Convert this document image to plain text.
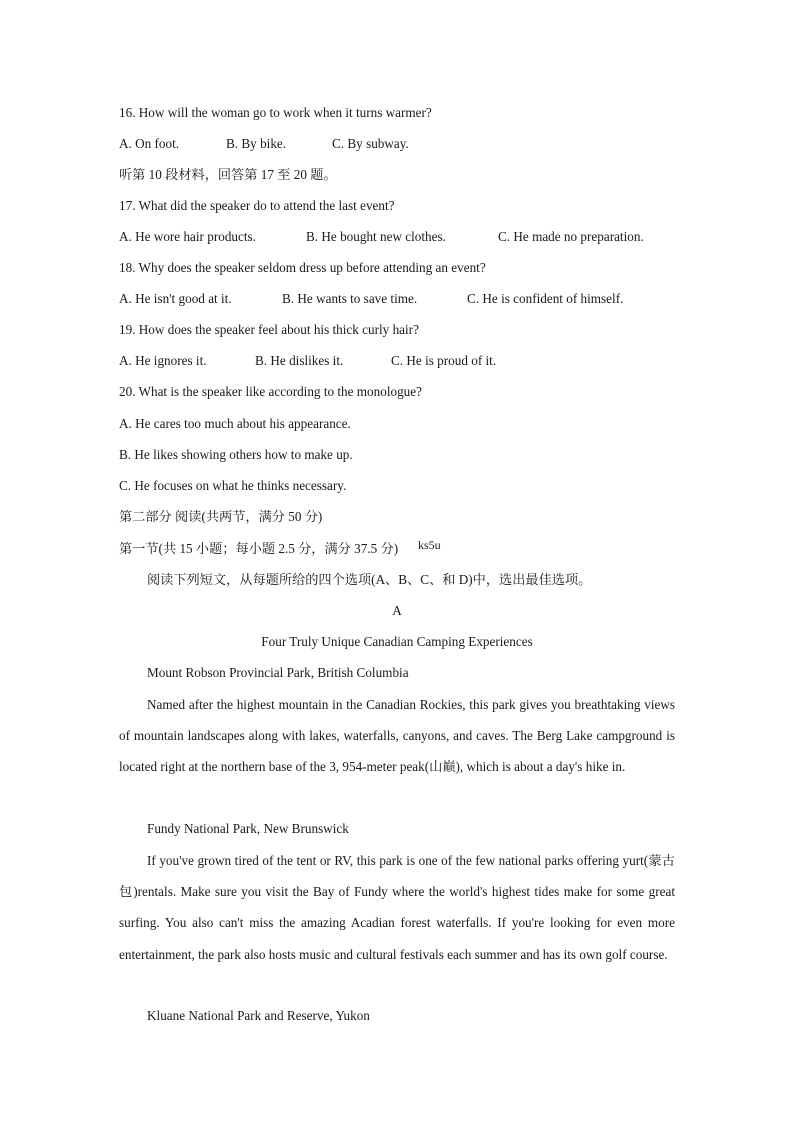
16. How will the woman go to work when it turns warmer?
A. On foot.	B. By bike.	C. By subway.
听第 10 段材料，回答第 17 至 20 题。
17. What did the speaker do to attend the last event?
A. He wore hair products.	B. He bought new clothes.	C. He made no preparation.
18. Why does the speaker seldom dress up before attending an event?
A. He isn't good at it.	B. He wants to save time.	C. He is confident of himself.
19. How does the speaker feel about his thick curly hair?
A. He ignores it.	B. He dislikes it.	C. He is proud of it.
20. What is the speaker like according to the monologue?
A. He cares too much about his appearance.
B. He likes showing others how to make up.
C. He focuses on what he thinks necessary.
第二部分 阅读(共两节，满分 50 分)
第一节(共 15 小题；每小题 2.5 分，满分 37.5 分) ks5u
阅读下列短文，从每题所给的四个选项(A、B、C、和 D)中，选出最佳选项。
A
Four Truly Unique Canadian Camping Experiences
Mount Robson Provincial Park, British Columbia
Named after the highest mountain in the Canadian Rockies, this park gives you breathtaking views of mountain landscapes along with lakes, waterfalls, canyons, and caves. The Berg Lake campground is located right at the northern base of the 3, 954-meter peak(山巅), which is about a day's hike in.
Fundy National Park, New Brunswick
If you've grown tired of the tent or RV, this park is one of the few national parks offering yurt(蒙古包)rentals. Make sure you visit the Bay of Fundy where the world's highest tides make for some great surfing. You also can't miss the amazing Acadian forest waterfalls. If you're looking for even more entertainment, the park also hosts music and cultural festivals each summer and has its own golf course.
Kluane National Park and Reserve, Yukon
